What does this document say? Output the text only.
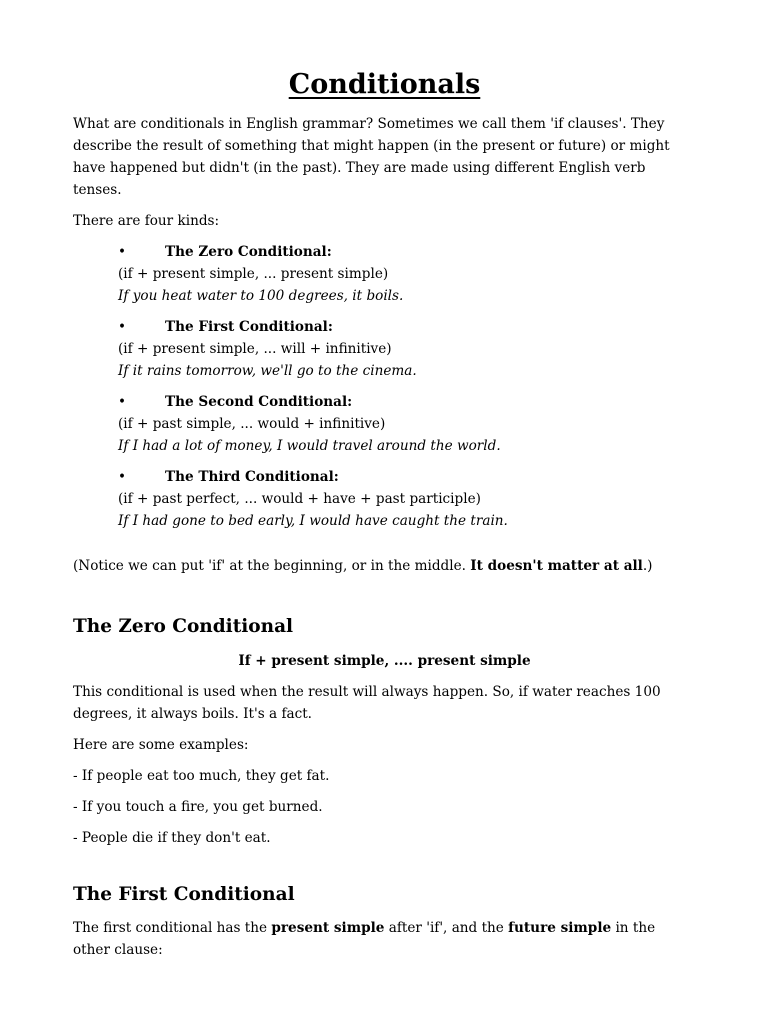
Conditionals

What are conditionals in English grammar? Sometimes we call them 'if clauses'. They describe the result of something that might happen (in the present or future) or might have happened but didn't (in the past). They are made using different English verb tenses.

There are four kinds:

•	The Zero Conditional:
(if + present simple, ... present simple)
If you heat water to 100 degrees, it boils.
•	The First Conditional:
(if + present simple, ... will + infinitive)
If it rains tomorrow, we'll go to the cinema.
•	The Second Conditional:
(if + past simple, ... would + infinitive)
If I had a lot of money, I would travel around the world.
•	The Third Conditional:
(if + past perfect, ... would + have + past participle)
If I had gone to bed early, I would have caught the train.

(Notice we can put 'if' at the beginning, or in the middle. It doesn't matter at all.)

The Zero Conditional

If + present simple, .... present simple

This conditional is used when the result will always happen. So, if water reaches 100 degrees, it always boils. It's a fact.

Here are some examples:

- If people eat too much, they get fat.

- If you touch a fire, you get burned.

- People die if they don't eat.

The First Conditional

The first conditional has the present simple after 'if', and the future simple in the other clause:
